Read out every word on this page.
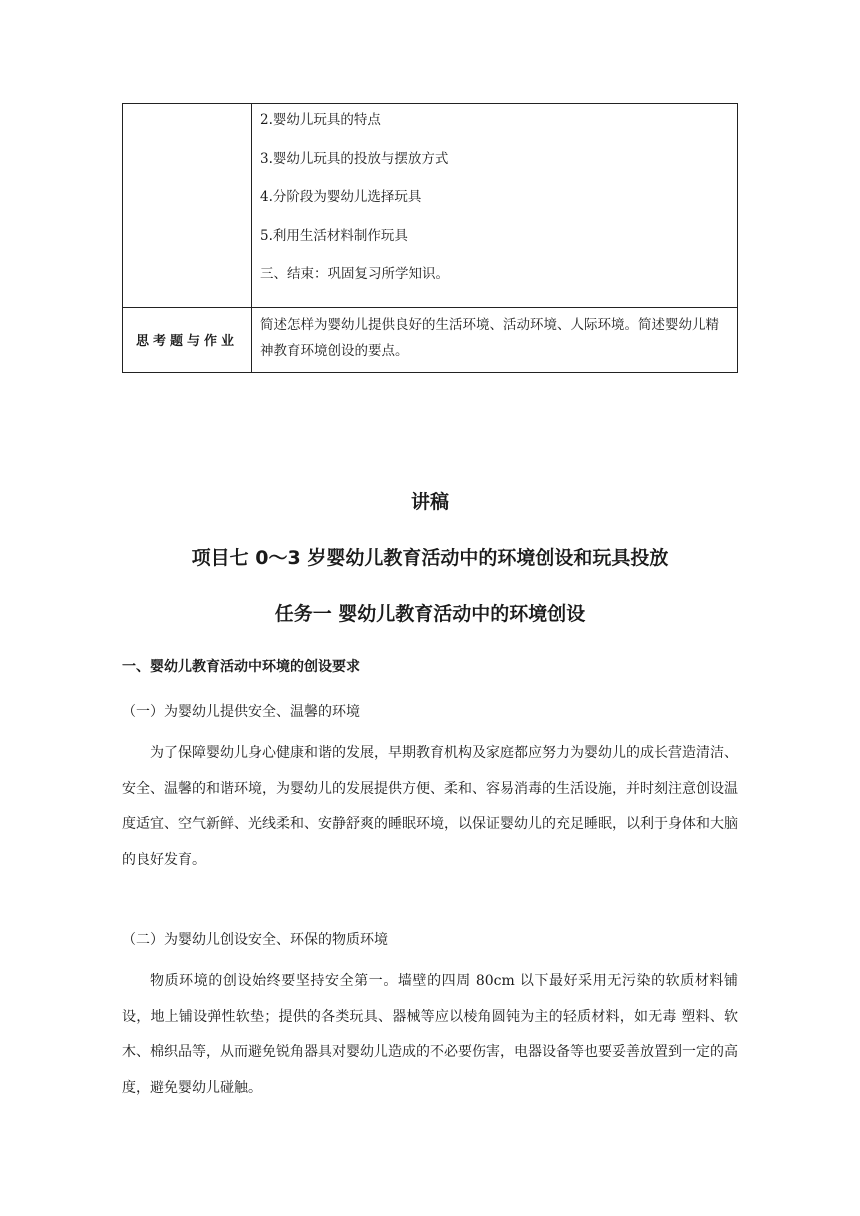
	2.婴幼儿玩具的特点
3.婴幼儿玩具的投放与摆放方式
4.分阶段为婴幼儿选择玩具
5.利用生活材料制作玩具
三、结束：巩固复习所学知识。

思考题与作业	简述怎样为婴幼儿提供良好的生活环境、活动环境、人际环境。简述婴幼儿精神教育环境创设的要点。
讲稿
项目七 0～3 岁婴幼儿教育活动中的环境创设和玩具投放
任务一 婴幼儿教育活动中的环境创设
一、婴幼儿教育活动中环境的创设要求
（一）为婴幼儿提供安全、温馨的环境

为了保障婴幼儿身心健康和谐的发展，早期教育机构及家庭都应努力为婴幼儿的成长营造清洁、安全、温馨的和谐环境，为婴幼儿的发展提供方便、柔和、容易消毒的生活设施，并时刻注意创设温度适宜、空气新鲜、光线柔和、安静舒爽的睡眠环境，以保证婴幼儿的充足睡眠，以利于身体和大脑的良好发育。

（二）为婴幼儿创设安全、环保的物质环境

物质环境的创设始终要坚持安全第一。墙壁的四周 80cm 以下最好采用无污染的软质材料铺设，地上铺设弹性软垫；提供的各类玩具、器械等应以棱角圆钝为主的轻质材料，如无毒 塑料、软木、棉织品等，从而避免锐角器具对婴幼儿造成的不必要伤害，电器设备等也要妥善放置到一定的高度，避免婴幼儿碰触。
